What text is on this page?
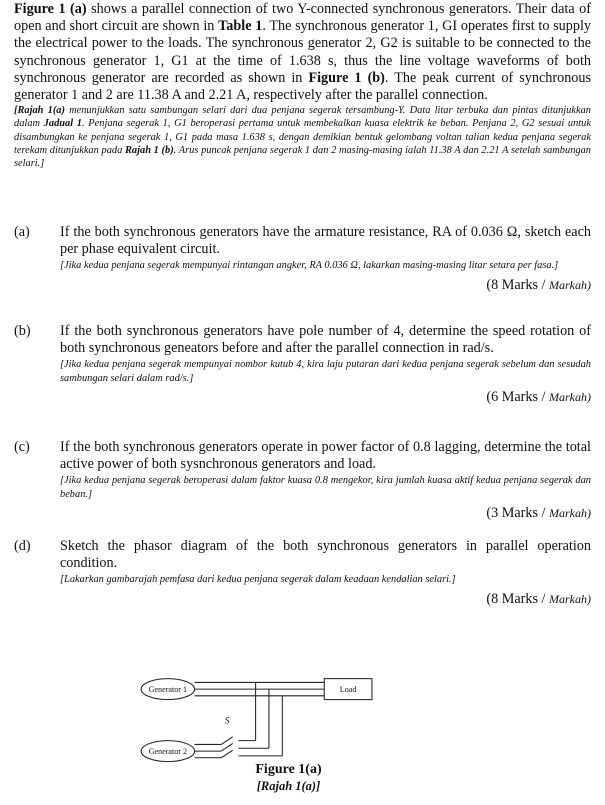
Figure 1 (a) shows a parallel connection of two Y-connected synchronous generators. Their data of open and short circuit are shown in Table 1. The synchronous generator 1, GI operates first to supply the electrical power to the loads. The synchronous generator 2, G2 is suitable to be connected to the synchronous generator 1, G1 at the time of 1.638 s, thus the line voltage waveforms of both synchronous generator are recorded as shown in Figure 1 (b). The peak current of synchronous generator 1 and 2 are 11.38 A and 2.21 A, respectively after the parallel connection.

[Rajah 1(a) menunjukkan satu sambungan selari dari dua penjana segerak tersambung-Y. Data litar terbuka dan pintas ditunjukkan dalam Jadual 1. Penjana segerak 1, G1 beroperasi pertama untuk membekalkan kuasa elektrik ke beban. Penjana 2, G2 sesuai untuk disambungkan ke penjana segerak 1, G1 pada masa 1.638 s, dengan demikian bentuk gelombang voltan talian kedua penjana segerak terekam ditunjukkan pada Rajah 1 (b). Arus puncak penjana segerak 1 dan 2 masing-masing ialah 11.38 A dan 2.21 A setelah sambungan selari.]

(a) If the both synchronous generators have the armature resistance, RA of 0.036 Ω, sketch each per phase equivalent circuit.

[Jika kedua penjana segerak mempunyai rintangan angker, RA 0.036 Ω, lakarkan masing-masing litar setara per fasa.]

(8 Marks / Markah)
(b) If the both synchronous generators have pole number of 4, determine the speed rotation of both synchronous geneators before and after the parallel connection in rad/s.

[Jika kedua penjana segerak mempunyai nombor kutub 4, kira laju putaran dari kedua penjana segerak sebelum dan sesudah sambungan selari dalam rad/s.]

(6 Marks / Markah)
(c) If the both synchronous generators operate in power factor of 0.8 lagging, determine the total active power of both sysnchronous generators and load.

[Jika kedua penjana segerak beroperasi dalam faktor kuasa 0.8 mengekor, kira jumlah kuasa aktif kedua penjana segerak dan beban.]

(3 Marks / Markah)
(d) Sketch the phasor diagram of the both synchronous generators in parallel operation condition.

[Lakarkan gambarajah pemfasa dari kedua penjana segerak dalam keadaan kendalian selari.]

(8 Marks / Markah)
Generator 1
Generator 2
Load
S
Figure 1(a)
[Rajah 1(a)]
